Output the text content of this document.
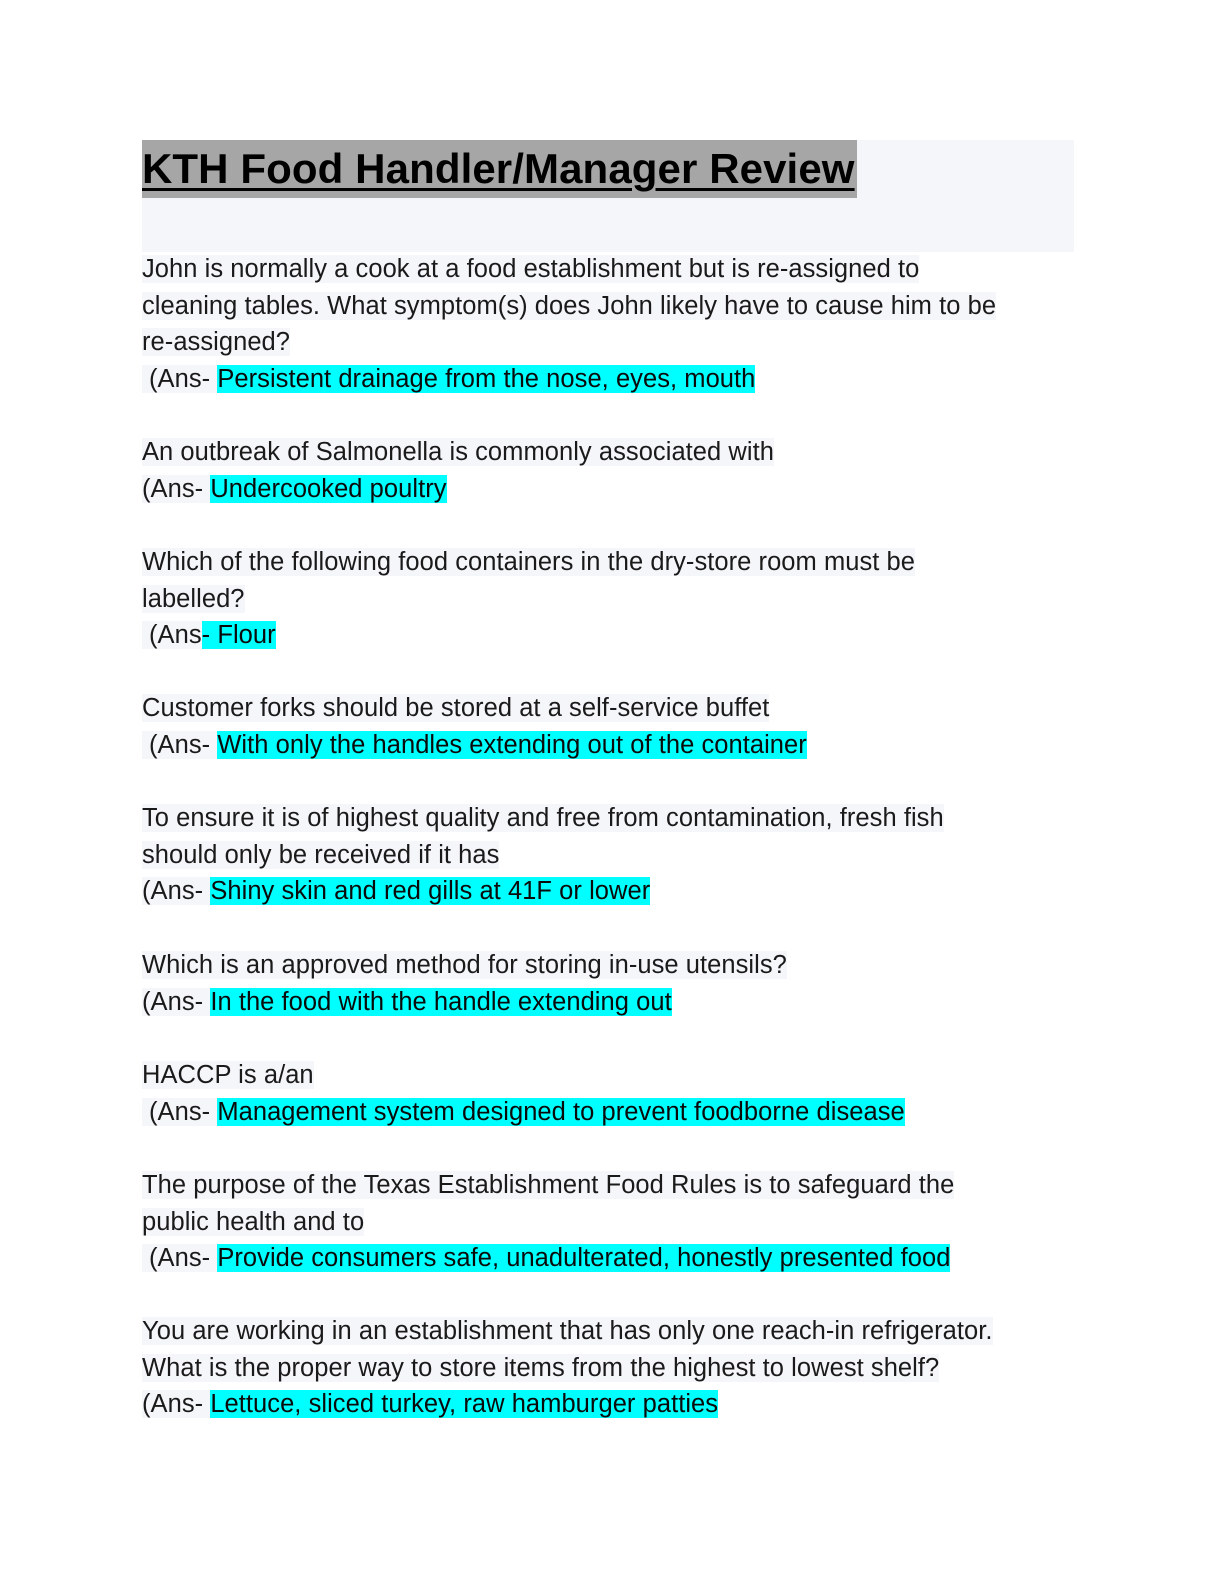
KTH Food Handler/Manager Review
John is normally a cook at a food establishment but is re-assigned to
cleaning tables. What symptom(s) does John likely have to cause him to be
re-assigned?
(Ans- Persistent drainage from the nose, eyes, mouth
An outbreak of Salmonella is commonly associated with
(Ans- Undercooked poultry
Which of the following food containers in the dry-store room must be
labelled?
(Ans- Flour
Customer forks should be stored at a self-service buffet
(Ans- With only the handles extending out of the container
To ensure it is of highest quality and free from contamination, fresh fish
should only be received if it has
(Ans- Shiny skin and red gills at 41F or lower
Which is an approved method for storing in-use utensils?
(Ans- In the food with the handle extending out
HACCP is a/an
(Ans- Management system designed to prevent foodborne disease
The purpose of the Texas Establishment Food Rules is to safeguard the
public health and to
(Ans- Provide consumers safe, unadulterated, honestly presented food
You are working in an establishment that has only one reach-in refrigerator.
What is the proper way to store items from the highest to lowest shelf?
(Ans- Lettuce, sliced turkey, raw hamburger patties
